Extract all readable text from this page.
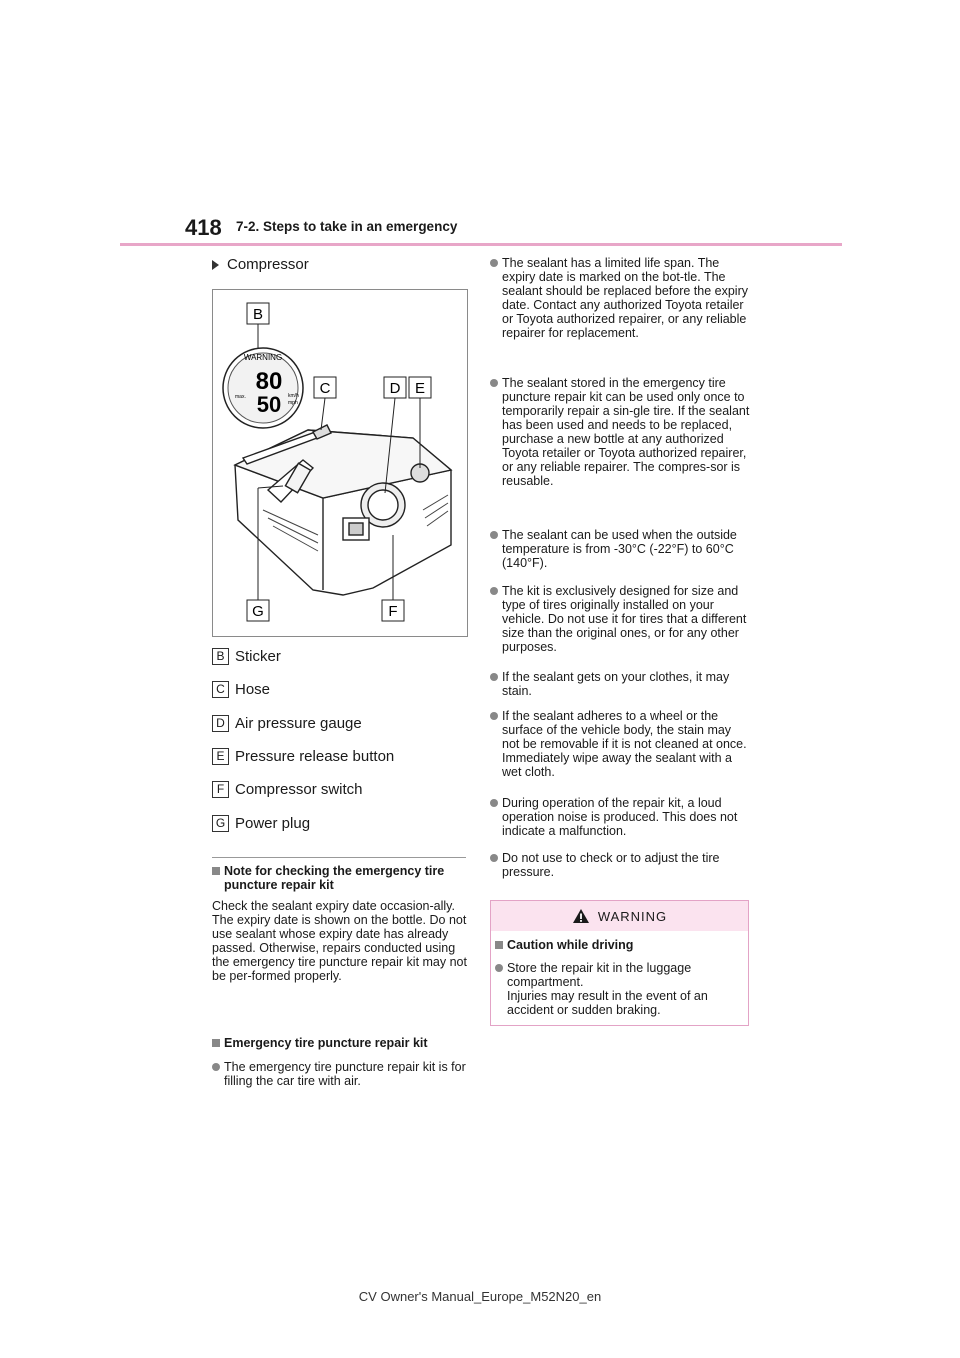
418 7-2. Steps to take in an emergency
Compressor
WARNING
80
50 km/h
mph
max.
B
C	D E
F
G
B Sticker
C Hose
D Air pressure gauge
E Pressure release button
F Compressor switch
G Power plug
Note for checking the emergency tire puncture repair kit
Check the sealant expiry date occasion-ally.
The expiry date is shown on the bottle. Do not use sealant whose expiry date has already passed. Otherwise, repairs conducted using the emergency tire puncture repair kit may not be per-formed properly.
Emergency tire puncture repair kit
The emergency tire puncture repair kit is for filling the car tire with air.
The sealant has a limited life span. The expiry date is marked on the bot-tle. The sealant should be replaced before the expiry date. Contact any authorized Toyota retailer or Toyota authorized repairer, or any reliable repairer for replacement.
The sealant stored in the emergency tire puncture repair kit can be used only once to temporarily repair a sin-gle tire. If the sealant has been used and needs to be replaced, purchase a new bottle at any authorized Toyota retailer or Toyota authorized repairer, or any reliable repairer. The compres-sor is reusable.
The sealant can be used when the outside temperature is from -30°C (-22°F) to 60°C (140°F).
The kit is exclusively designed for size and type of tires originally installed on your vehicle. Do not use it for tires that a different size than the original ones, or for any other purposes.
If the sealant gets on your clothes, it may stain.
If the sealant adheres to a wheel or the surface of the vehicle body, the stain may not be removable if it is not cleaned at once. Immediately wipe away the sealant with a wet cloth.
During operation of the repair kit, a loud operation noise is produced. This does not indicate a malfunction.
Do not use to check or to adjust the tire pressure.
WARNING
Caution while driving
Store the repair kit in the luggage compartment.
Injuries may result in the event of an accident or sudden braking.
CV Owner's Manual_Europe_M52N20_en
